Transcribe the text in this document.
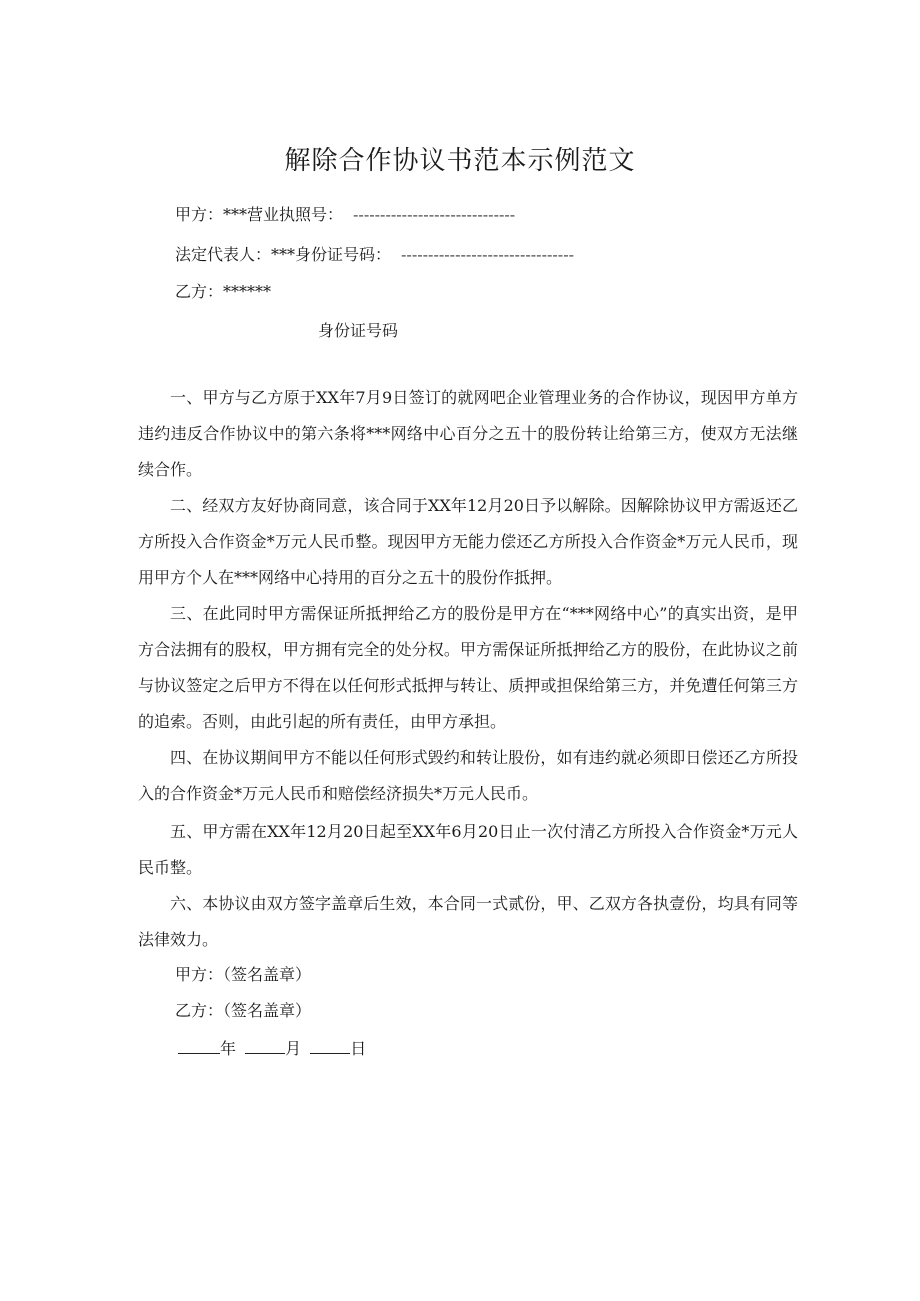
解除合作协议书范本示例范文
甲方：***营业执照号： ------------------------------
法定代表人：***身份证号码： --------------------------------
乙方：******
身份证号码

一、甲方与乙方原于XX年7月9日签订的就网吧企业管理业务的合作协议，现因甲方单方违约违反合作协议中的第六条将***网络中心百分之五十的股份转让给第三方，使双方无法继续合作。

二、经双方友好协商同意，该合同于XX年12月20日予以解除。因解除协议甲方需返还乙方所投入合作资金*万元人民币整。现因甲方无能力偿还乙方所投入合作资金*万元人民币，现用甲方个人在***网络中心持用的百分之五十的股份作抵押。

三、在此同时甲方需保证所抵押给乙方的股份是甲方在“***网络中心”的真实出资，是甲方合法拥有的股权，甲方拥有完全的处分权。甲方需保证所抵押给乙方的股份，在此协议之前与协议签定之后甲方不得在以任何形式抵押与转让、质押或担保给第三方，并免遭任何第三方的追索。否则，由此引起的所有责任，由甲方承担。

四、在协议期间甲方不能以任何形式毁约和转让股份，如有违约就必须即日偿还乙方所投入的合作资金*万元人民币和赔偿经济损失*万元人民币。

五、甲方需在XX年12月20日起至XX年6月20日止一次付清乙方所投入合作资金*万元人民币整。

六、本协议由双方签字盖章后生效，本合同一式贰份，甲、乙双方各执壹份，均具有同等法律效力。

甲方：（签名盖章）
乙方：（签名盖章）
年	月	日
